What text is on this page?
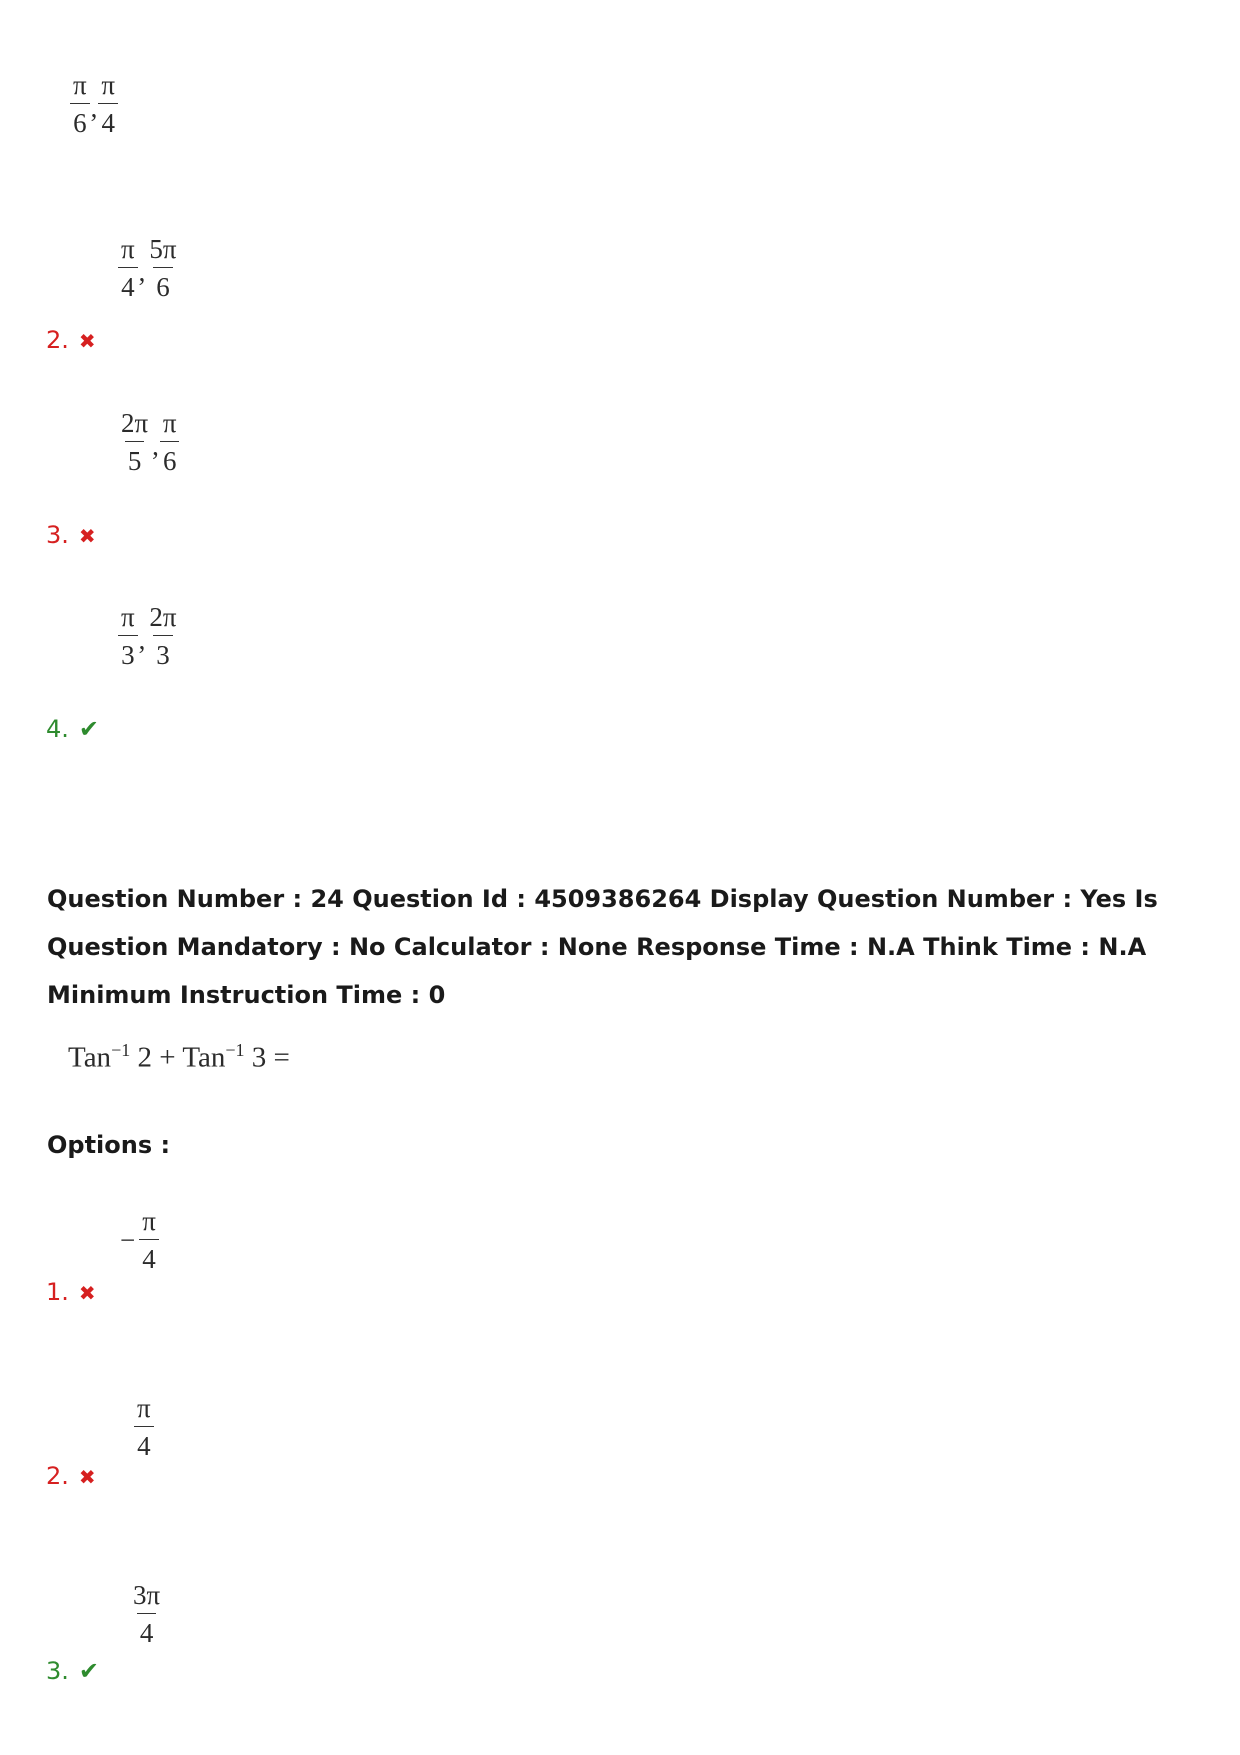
$\frac{\pi}{6}$ , $\frac{\pi}{4}$
$\frac{\pi}{4}$ , $\frac{5\pi}{6}$
2. ✖
$\frac{2\pi}{5}$ , $\frac{\pi}{6}$
3. ✖
$\frac{\pi}{3}$ , $\frac{2\pi}{3}$
4. ✔
Question Number : 24 Question Id : 4509386264 Display Question Number : Yes Is Question Mandatory : No Calculator : None Response Time : N.A Think Time : N.A Minimum Instruction Time : 0
Tan$^{-1}$ 2 + Tan$^{-1}$ 3 =
Options :
− $\frac{\pi}{4}$
1. ✖
$\frac{\pi}{4}$
2. ✖
$\frac{3\pi}{4}$
3. ✔
